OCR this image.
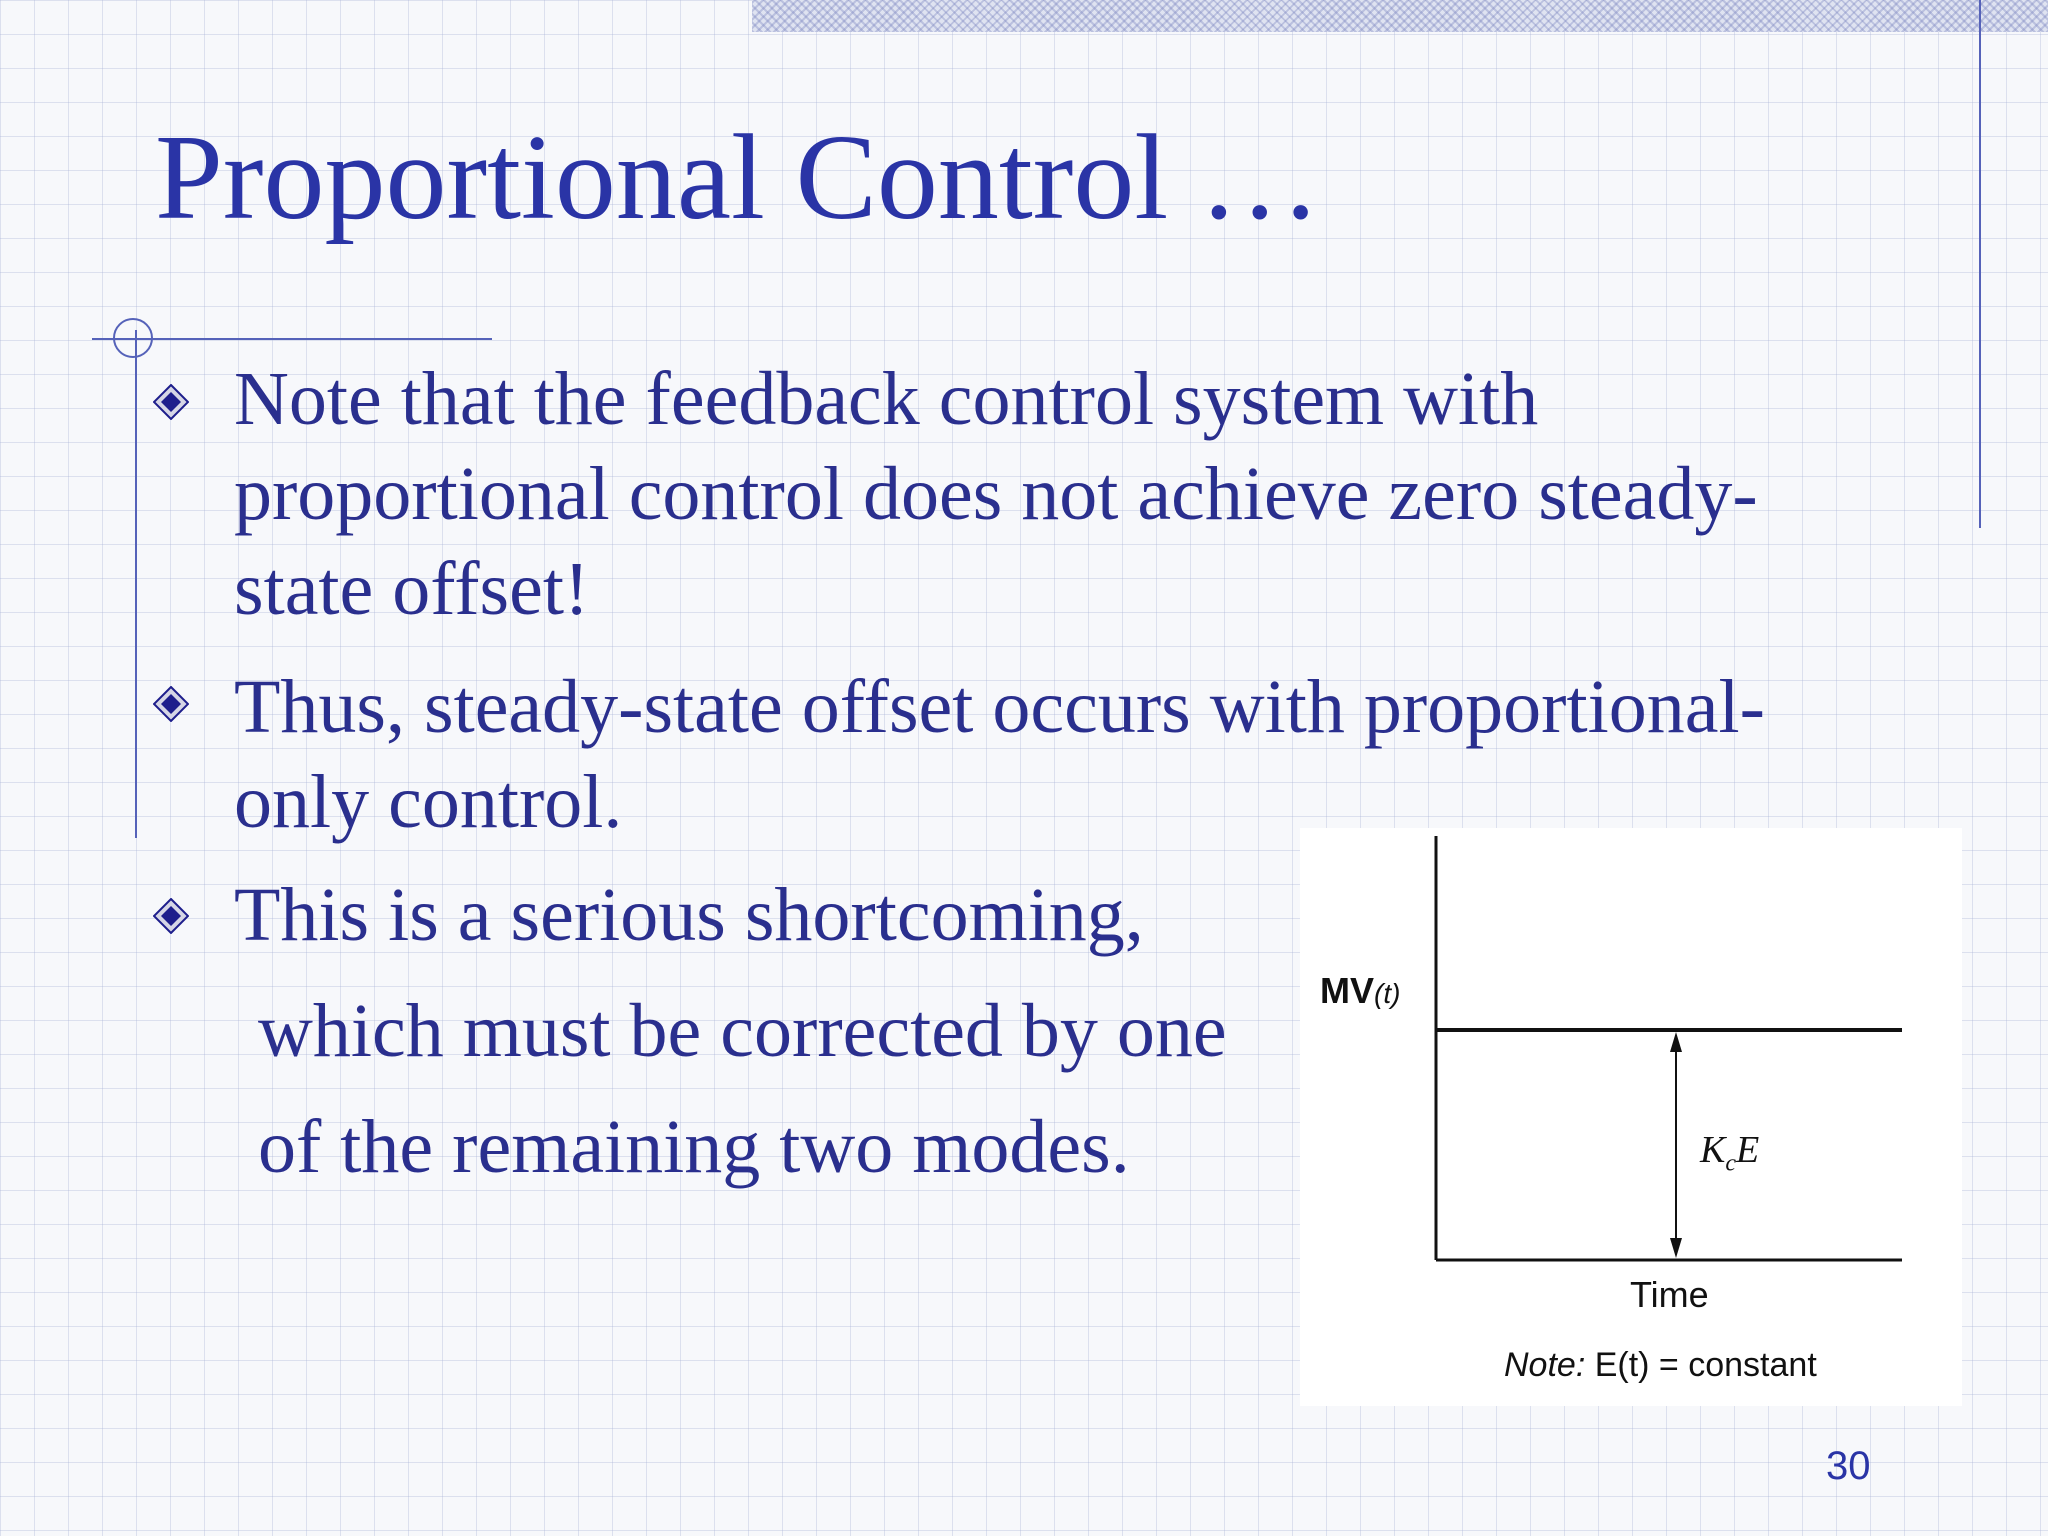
Proportional Control …
Note that the feedback control system with
proportional control does not achieve zero steady-
state offset!
Thus, steady-state offset occurs with proportional-
only control.
This is a serious shortcoming,
which must be corrected by one
of the remaining two modes.
MV(t)
$K_cE$
Time
Note: E(t) = constant
30
